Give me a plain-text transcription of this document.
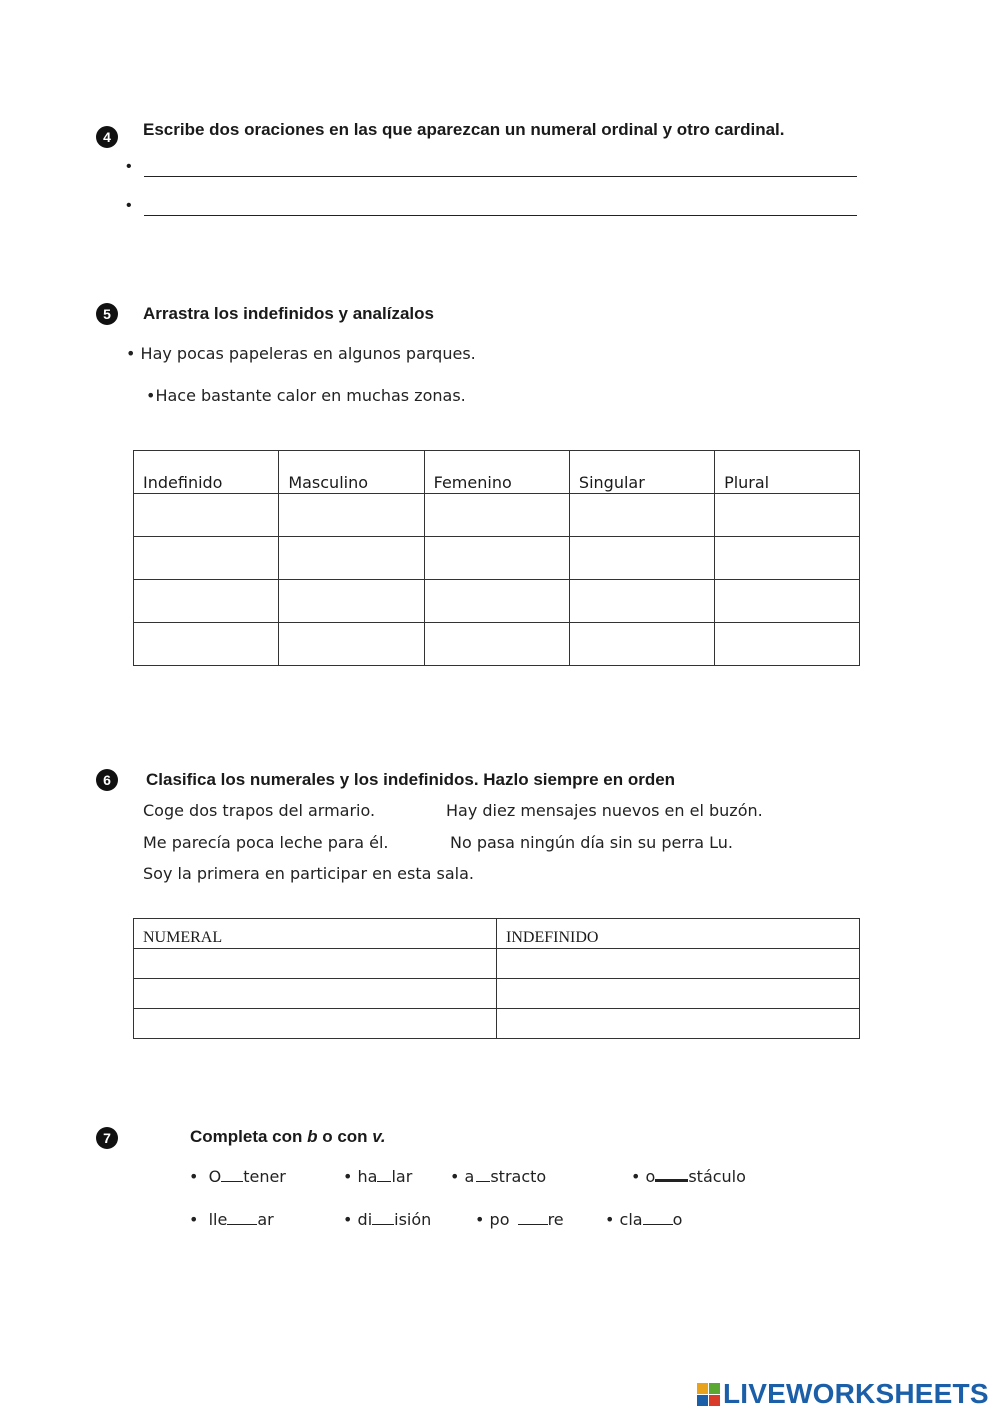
4	Escribe dos oraciones en las que aparezcan un numeral ordinal y otro cardinal.
•
•
5	Arrastra los indefinidos y analízalos
• Hay pocas papeleras en algunos parques.
•Hace bastante calor en muchas zonas.
Indefinido	Masculino	Femenino	Singular	Plural

6	Clasifica los numerales y los indefinidos. Hazlo siempre en orden
Coge dos trapos del armario.	Hay diez mensajes nuevos en el buzón.
Me parecía poca leche para él.	No pasa ningún día sin su perra Lu.
Soy la primera en participar en esta sala.
NUMERAL	INDEFINIDO

7	Completa con b o con v.
•  O tener	• ha lar • a stracto	• o stáculo
•  lle ar	• di isión	• po re	• cla o
LIVEWORKSHEETS
